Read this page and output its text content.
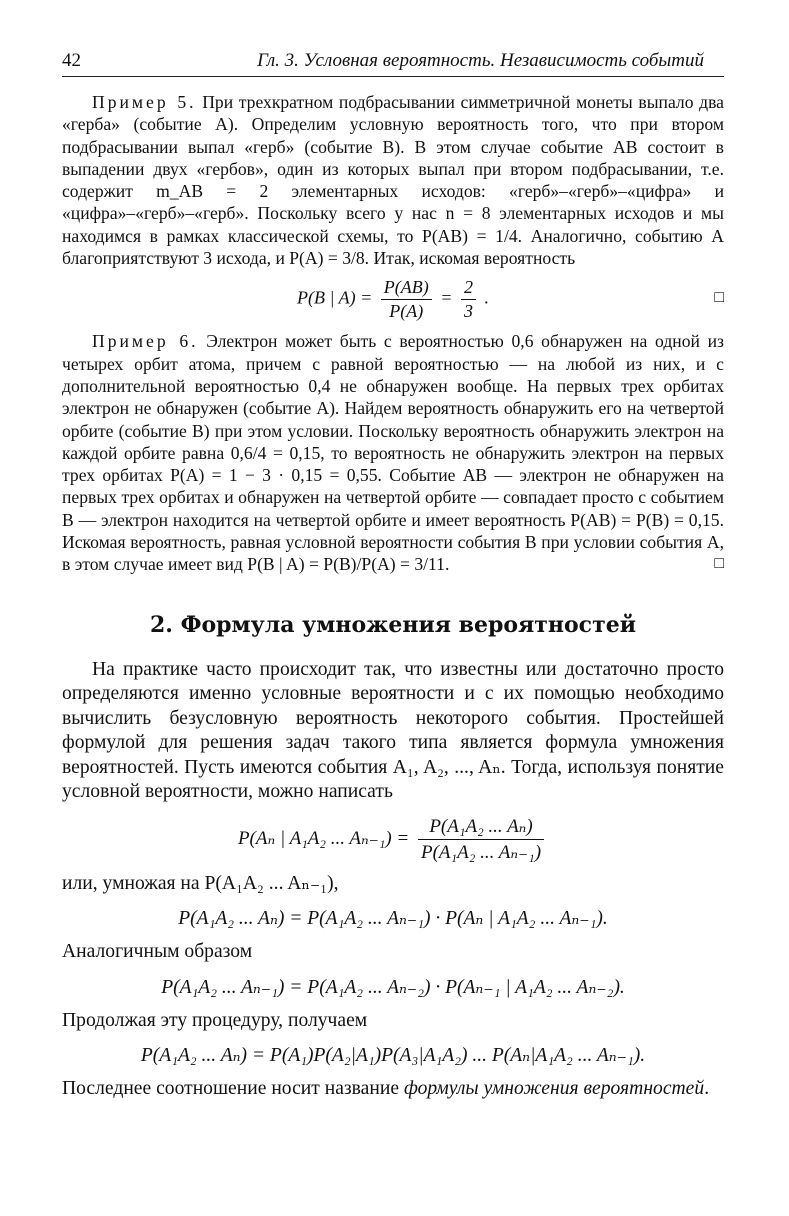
42	Гл. 3. Условная вероятность. Независимость событий

Пример 5. При трехкратном подбрасывании симметричной монеты выпало два «герба» (событие A). Определим условную вероятность того, что при втором подбрасывании выпал «герб» (событие B). В этом случае событие AB состоит в выпадении двух «гербов», один из которых выпал при втором подбрасывании, т.е. содержит m_AB = 2 элементарных исходов: «герб»–«герб»–«цифра» и «цифра»–«герб»–«герб». Поскольку всего у нас n = 8 элементарных исходов и мы находимся в рамках классической схемы, то P(AB) = 1/4. Аналогично, событию A благоприятствуют 3 исхода, и P(A) = 3/8. Итак, искомая вероятность

P(B | $A) = \frac{P(AB)}{P(A)} = \frac{2}{3}$ .	□

Пример 6. Электрон может быть с вероятностью 0,6 обнаружен на одной из четырех орбит атома, причем с равной вероятностью — на любой из них, и с дополнительной вероятностью 0,4 не обнаружен вообще. На первых трех орбитах электрон не обнаружен (событие A). Найдем вероятность обнаружить его на четвертой орбите (событие B) при этом условии. Поскольку вероятность обнаружить электрон на каждой орбите равна 0,6/4 = 0,15, то вероятность не обнаружить электрон на первых трех орбитах P(A) = 1 − 3 · 0,15 = 0,55. Событие AB — электрон не обнаружен на первых трех орбитах и обнаружен на четвертой орбите — совпадает просто с событием B — электрон находится на четвертой орбите и имеет вероятность P(AB) = P(B) = 0,15. Искомая вероятность, равная условной вероятности события B при условии события A, в этом случае имеет вид P(B | A) = P(B)/P(A) = 3/11.	□

2. Формула умножения вероятностей

На практике часто происходит так, что известны или достаточно просто определяются именно условные вероятности и с их помощью необходимо вычислить безусловную вероятность некоторого события. Простейшей формулой для решения задач такого типа является формула умножения вероятностей. Пусть имеются события A₁, A₂, ..., Aₙ. Тогда, используя понятие условной вероятности, можно написать

P(Aₙ | A₁A₂ ... $A_{n-1}) = \frac{\text{P(A₁A₂ ... Aₙ)}}{\text{P(A₁A₂ ... Aₙ₋₁)}}$

или, умножая на P(A₁A₂ ... Aₙ₋₁),

P(A₁A₂ ... Aₙ) = P(A₁A₂ ... Aₙ₋₁) · P(Aₙ | A₁A₂ ... Aₙ₋₁).

Аналогичным образом

P(A₁A₂ ... Aₙ₋₁) = P(A₁A₂ ... Aₙ₋₂) · P(Aₙ₋₁ | A₁A₂ ... Aₙ₋₂).

Продолжая эту процедуру, получаем

P(A₁A₂ ... Aₙ) = P(A₁)P(A₂|A₁)P(A₃|A₁A₂) ... P(Aₙ|A₁A₂ ... Aₙ₋₁).

Последнее соотношение носит название формулы умножения вероятностей.
